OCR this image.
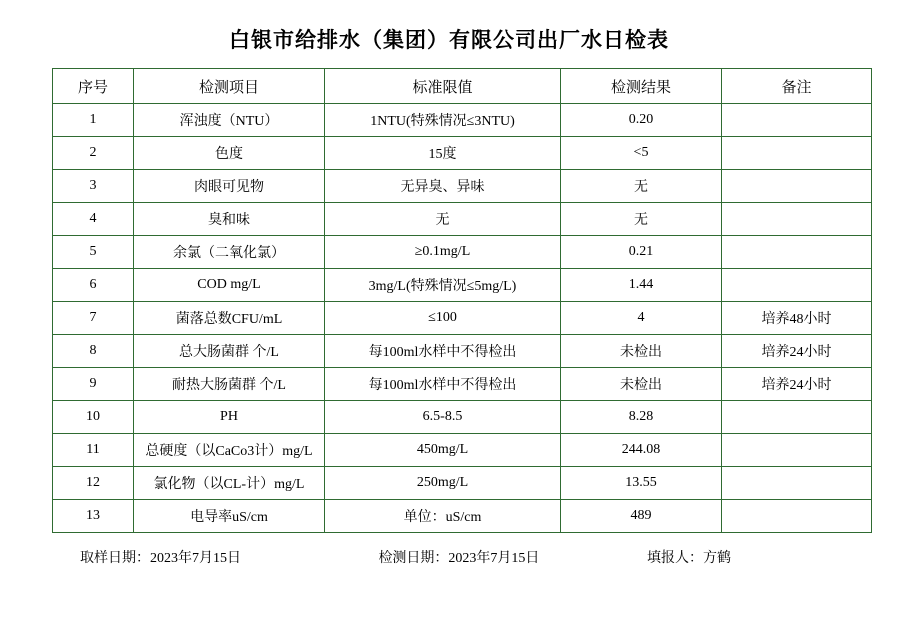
白银市给排水（集团）有限公司出厂水日检表
序号	检测项目	标准限值	检测结果	备注
1	浑浊度（NTU）	1NTU(特殊情况≤3NTU)	0.20	
2	色度	15度	<5	
3	肉眼可见物	无异臭、异味	无	
4	臭和味	无	无	
5	余氯（二氧化氯）	≥0.1mg/L	0.21	
6	COD mg/L	3mg/L(特殊情况≤5mg/L)	1.44	
7	菌落总数CFU/mL	≤100	4	培养48小时
8	总大肠菌群 个/L	每100ml水样中不得检出	未检出	培养24小时
9	耐热大肠菌群 个/L	每100ml水样中不得检出	未检出	培养24小时
10	PH	6.5-8.5	8.28	
11	总硬度（以CaCo3计）mg/L	450mg/L	244.08	
12	氯化物（以CL-计）mg/L	250mg/L	13.55	
13	电导率uS/cm	单位：uS/cm	489	
取样日期：2023年7月15日	检测日期：2023年7月15日	填报人：方鹤
